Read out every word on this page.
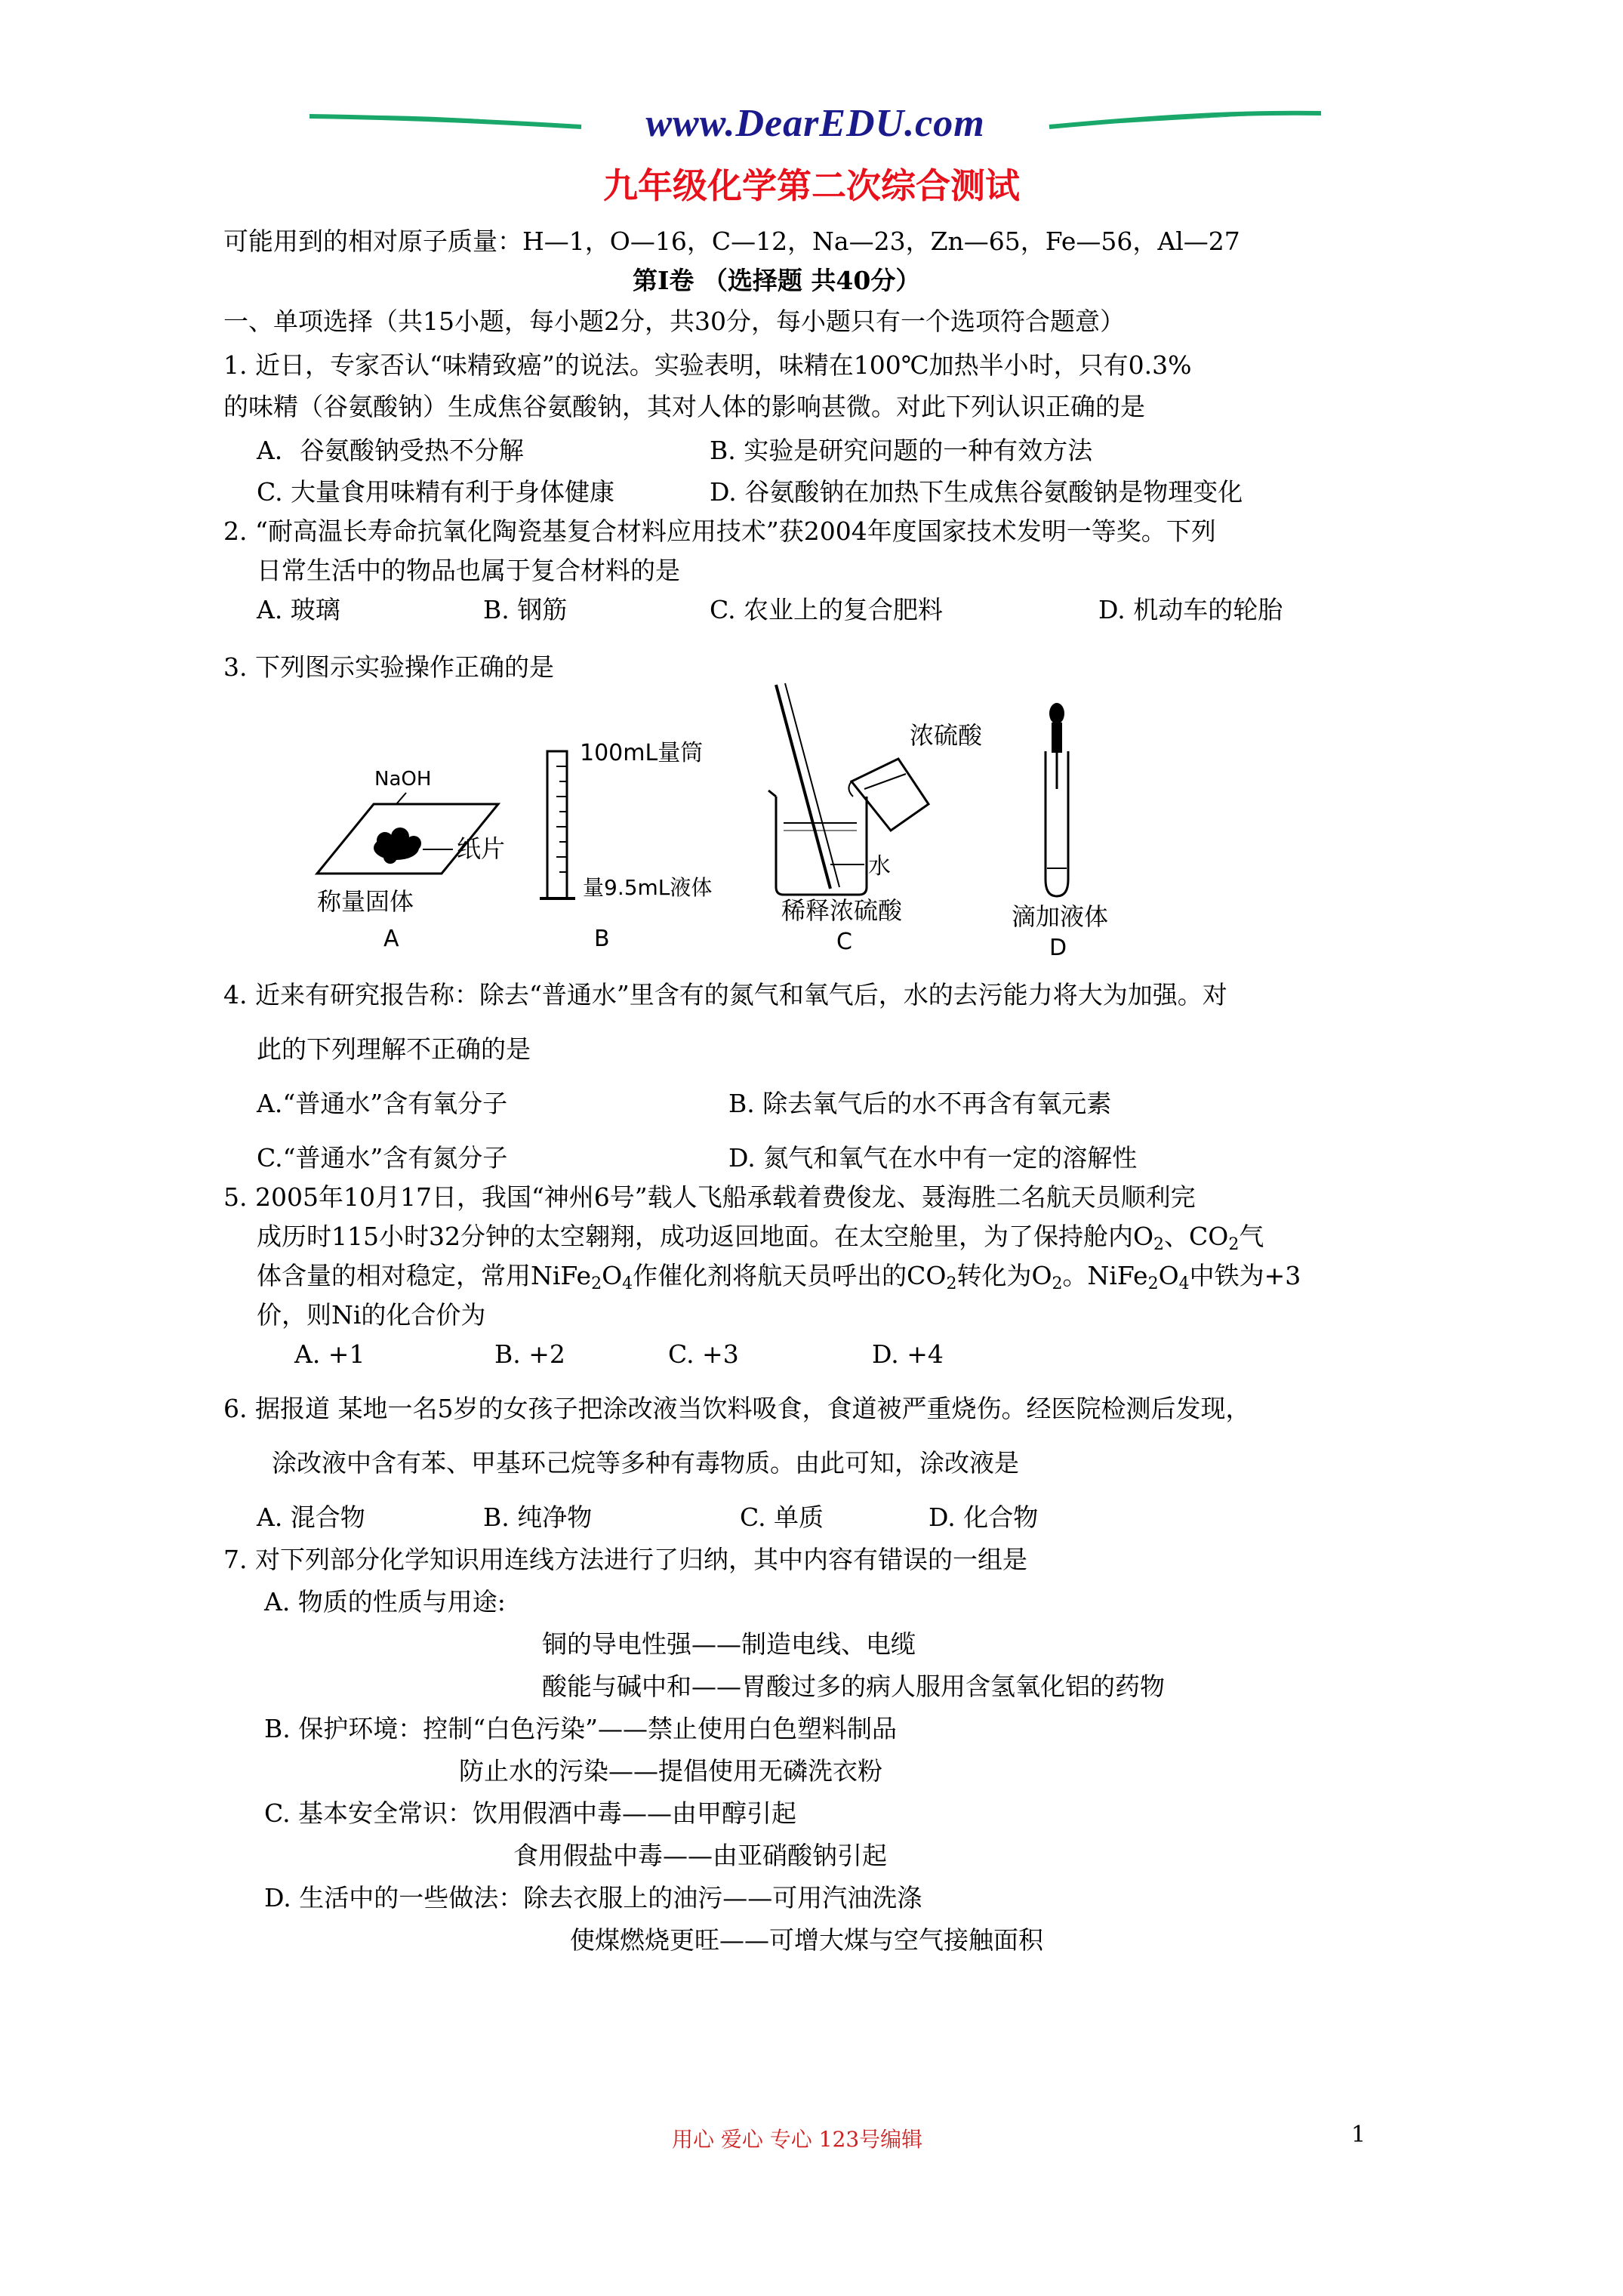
www.DearEDU.com
九年级化学第二次综合测试
可能用到的相对原子质量：H—1，O—16，C—12，Na—23，Zn—65，Fe—56，Al—27
第Ⅰ卷 （选择题 共40分）
一、单项选择（共15小题，每小题2分，共30分，每小题只有一个选项符合题意）
1. 近日，专家否认“味精致癌”的说法。实验表明，味精在100℃加热半小时，只有0.3%
的味精（谷氨酸钠）生成焦谷氨酸钠，其对人体的影响甚微。对此下列认识正确的是
A．谷氨酸钠受热不分解	B. 实验是研究问题的一种有效方法
C. 大量食用味精有利于身体健康	D. 谷氨酸钠在加热下生成焦谷氨酸钠是物理变化
2. “耐高温长寿命抗氧化陶瓷基复合材料应用技术”获2004年度国家技术发明一等奖。下列
日常生活中的物品也属于复合材料的是
A. 玻璃	B. 钢筋	C. 农业上的复合肥料	D. 机动车的轮胎
3. 下列图示实验操作正确的是
NaOH
纸片
称量固体
A
100mL量筒
量9.5mL液体
B
浓硫酸
水
稀释浓硫酸
C
滴加液体
D
4. 近来有研究报告称：除去“普通水”里含有的氮气和氧气后，水的去污能力将大为加强。对
此的下列理解不正确的是
A.“普通水”含有氧分子	B. 除去氧气后的水不再含有氧元素
C.“普通水”含有氮分子	D. 氮气和氧气在水中有一定的溶解性
5. 2005年10月17日，我国“神州6号”载人飞船承载着费俊龙、聂海胜二名航天员顺利完
成历时115小时32分钟的太空翱翔，成功返回地面。在太空舱里，为了保持舱内$O_2$、$CO_2$气
体含量的相对稳定，常用$NiFe_2O_4$作催化剂将航天员呼出的$CO_2$转化为$O_2$。$NiFe_2O_4$中铁为+3
价，则Ni的化合价为
A. +1	B. +2	C. +3	D. +4
6. 据报道 某地一名5岁的女孩子把涂改液当饮料吸食，食道被严重烧伤。经医院检测后发现，
涂改液中含有苯、甲基环己烷等多种有毒物质。由此可知，涂改液是
A. 混合物	B. 纯净物	C. 单质	D. 化合物
7. 对下列部分化学知识用连线方法进行了归纳，其中内容有错误的一组是
A. 物质的性质与用途:
铜的导电性强——制造电线、电缆
酸能与碱中和——胃酸过多的病人服用含氢氧化铝的药物
B. 保护环境：控制“白色污染”——禁止使用白色塑料制品
防止水的污染——提倡使用无磷洗衣粉
C. 基本安全常识：饮用假酒中毒——由甲醇引起
食用假盐中毒——由亚硝酸钠引起
D. 生活中的一些做法：除去衣服上的油污——可用汽油洗涤
使煤燃烧更旺——可增大煤与空气接触面积
用心 爱心 专心 123号编辑	1
